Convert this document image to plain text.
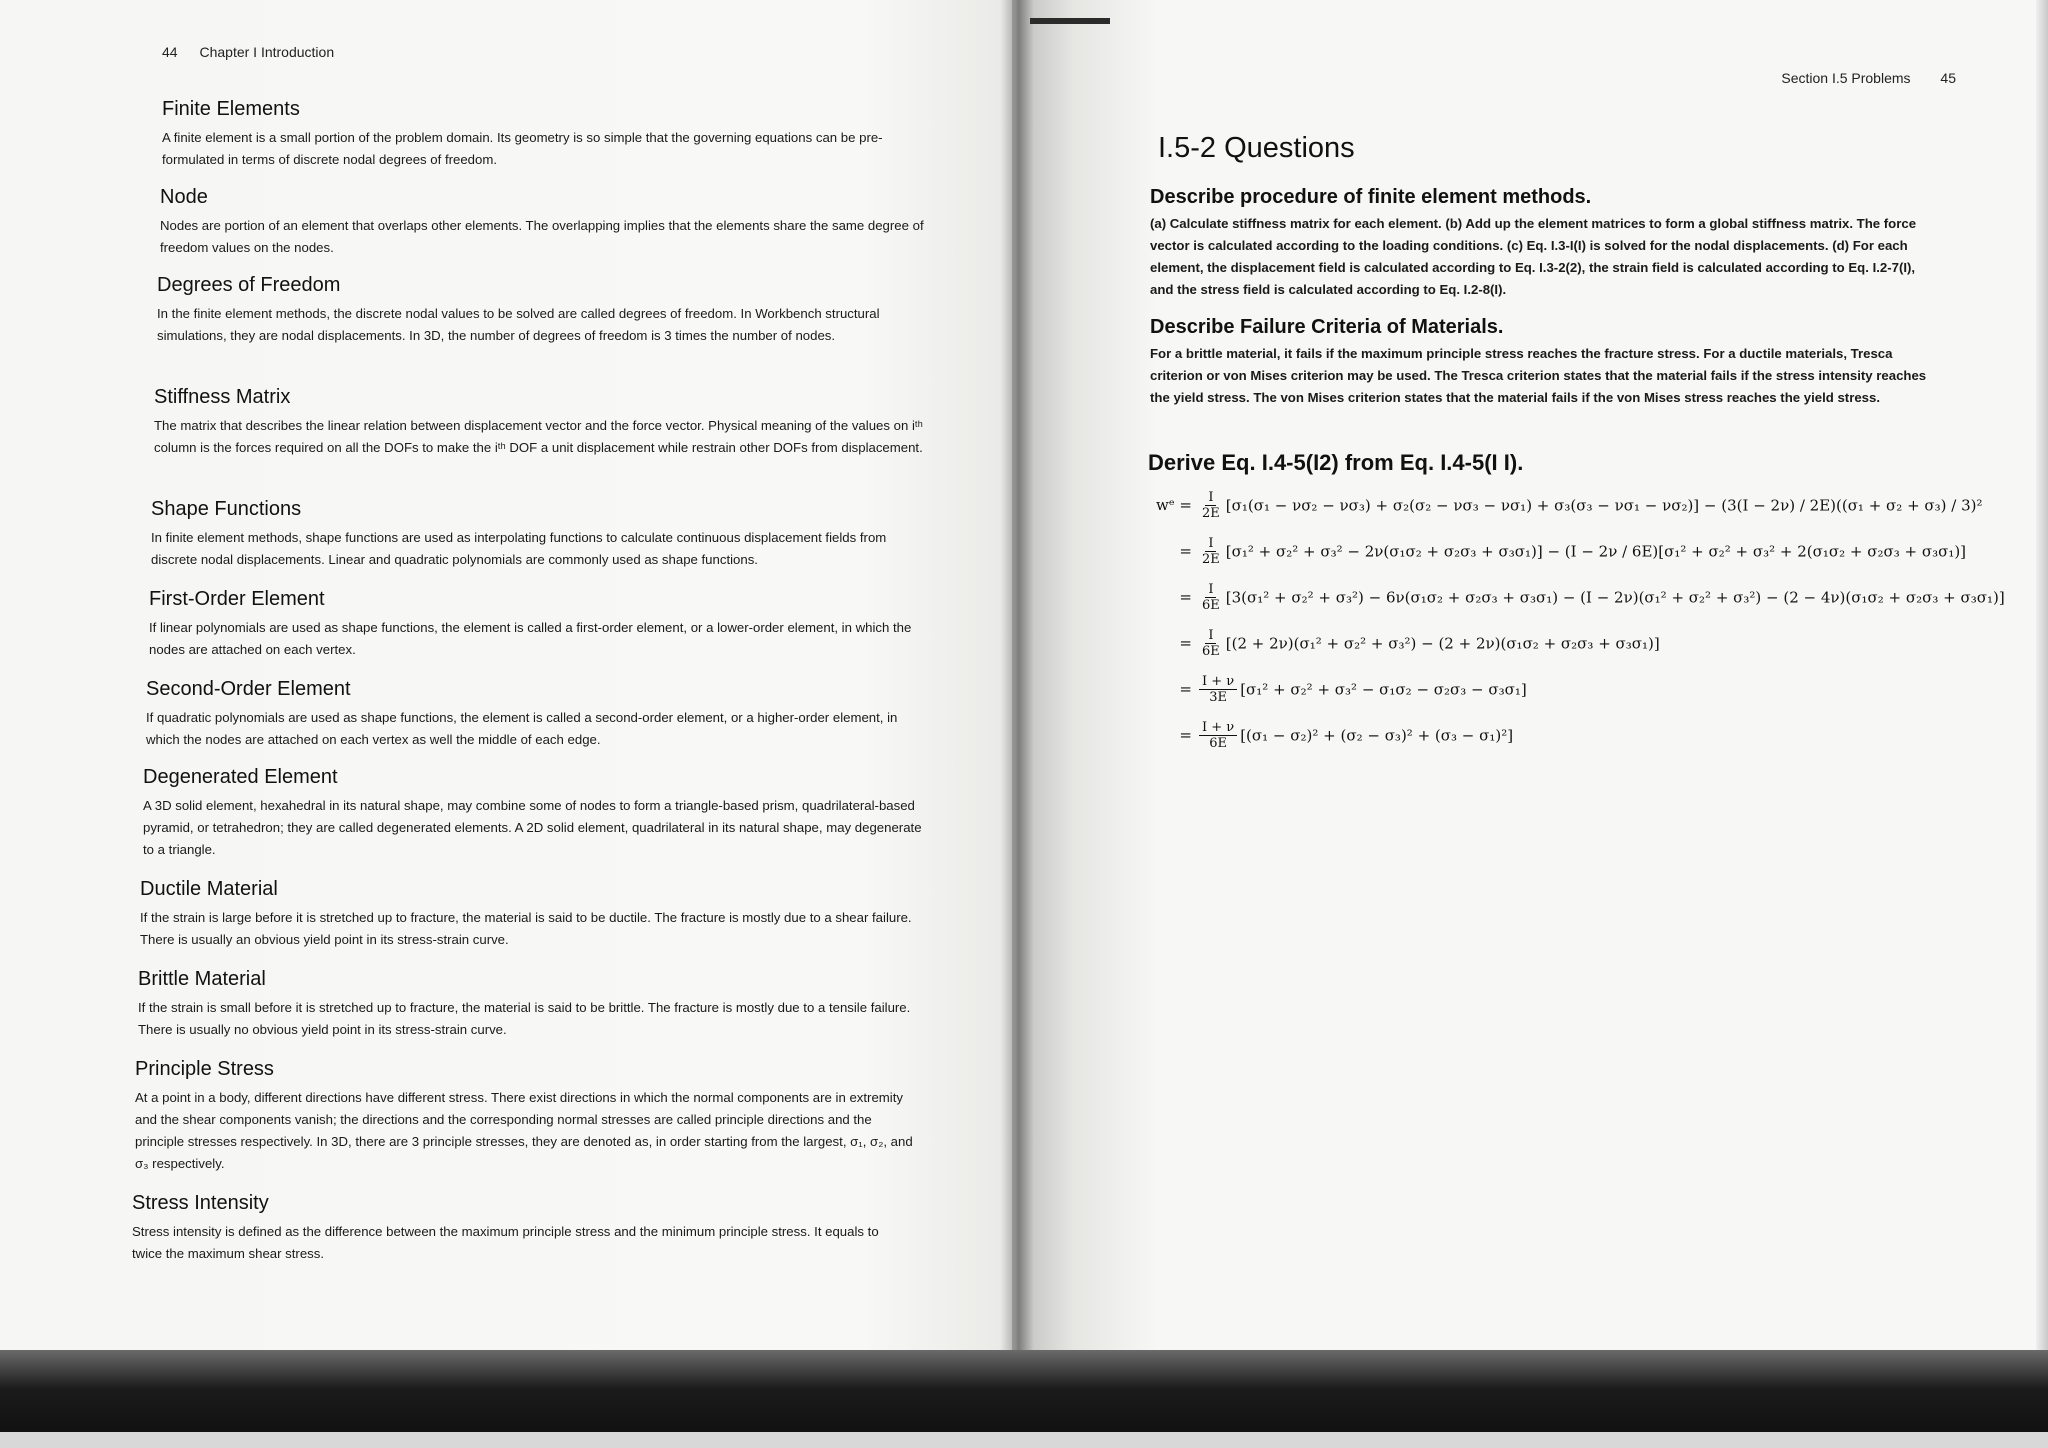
44 Chapter I Introduction
Finite Elements

A finite element is a small portion of the problem domain. Its geometry is so simple that the governing equations can be pre-formulated in terms of discrete nodal degrees of freedom.

Node

Nodes are portion of an element that overlaps other elements. The overlapping implies that the elements share the same degree of freedom values on the nodes.

Degrees of Freedom

In the finite element methods, the discrete nodal values to be solved are called degrees of freedom. In Workbench structural simulations, they are nodal displacements. In 3D, the number of degrees of freedom is 3 times the number of nodes.

Stiffness Matrix

The matrix that describes the linear relation between displacement vector and the force vector. Physical meaning of the values on iᵗʰ column is the forces required on all the DOFs to make the iᵗʰ DOF a unit displacement while restrain other DOFs from displacement.

Shape Functions

In finite element methods, shape functions are used as interpolating functions to calculate continuous displacement fields from discrete nodal displacements. Linear and quadratic polynomials are commonly used as shape functions.

First-Order Element

If linear polynomials are used as shape functions, the element is called a first-order element, or a lower-order element, in which the nodes are attached on each vertex.

Second-Order Element

If quadratic polynomials are used as shape functions, the element is called a second-order element, or a higher-order element, in which the nodes are attached on each vertex as well the middle of each edge.

Degenerated Element

A 3D solid element, hexahedral in its natural shape, may combine some of nodes to form a triangle-based prism, quadrilateral-based pyramid, or tetrahedron; they are called degenerated elements. A 2D solid element, quadrilateral in its natural shape, may degenerate to a triangle.

Ductile Material

If the strain is large before it is stretched up to fracture, the material is said to be ductile. The fracture is mostly due to a shear failure. There is usually an obvious yield point in its stress-strain curve.

Brittle Material

If the strain is small before it is stretched up to fracture, the material is said to be brittle. The fracture is mostly due to a tensile failure. There is usually no obvious yield point in its stress-strain curve.

Principle Stress

At a point in a body, different directions have different stress. There exist directions in which the normal components are in extremity and the shear components vanish; the directions and the corresponding normal stresses are called principle directions and the principle stresses respectively. In 3D, there are 3 principle stresses, they are denoted as, in order starting from the largest, σ₁, σ₂, and σ₃ respectively.

Stress Intensity

Stress intensity is defined as the difference between the maximum principle stress and the minimum principle stress. It equals to twice the maximum shear stress.

Section I.5 Problems 45
I.5-2 Questions
Describe procedure of finite element methods.

(a) Calculate stiffness matrix for each element. (b) Add up the element matrices to form a global stiffness matrix. The force vector is calculated according to the loading conditions. (c) Eq. I.3-I(I) is solved for the nodal displacements. (d) For each element, the displacement field is calculated according to Eq. I.3-2(2), the strain field is calculated according to Eq. I.2-7(I), and the stress field is calculated according to Eq. I.2-8(I).

Describe Failure Criteria of Materials.

For a brittle material, it fails if the maximum principle stress reaches the fracture stress. For a ductile materials, Tresca criterion or von Mises criterion may be used. The Tresca criterion states that the material fails if the stress intensity reaches the yield stress. The von Mises criterion states that the material fails if the von Mises stress reaches the yield stress.

Derive Eq. I.4-5(I2) from Eq. I.4-5(I I).
wᵉ = $\frac{I}{2E} [\sigma_1(\sigma_1 - \nu\sigma_2 - \nu\sigma_3) + \sigma_2(\sigma_2 - \nu\sigma_3 - \nu\sigma_1) + \sigma_3(\sigma_3 - \nu\sigma_1 - \nu\sigma_2)] - (3(I - 2\nu) / 2E)((\sigma_1 + \sigma_2 + \sigma_3) / 3)^2$
= $\frac{I}{2E} [\sigma_1^2 + \sigma_2^2 + \sigma_3^2 - 2\nu(\sigma_1\sigma_2 + \sigma_2\sigma_3 + \sigma_3\sigma_1)] - (I - 2\nu / 6E)[\sigma_1^2 + \sigma_2^2 + \sigma_3^2 + 2(\sigma_1\sigma_2 + \sigma_2\sigma_3 + \sigma_3\sigma_1)]$
= $\frac{I}{6E} [3(\sigma_1^2 + \sigma_2^2 + \sigma_3^2) - 6\nu(\sigma_1\sigma_2 + \sigma_2\sigma_3 + \sigma_3\sigma_1) - (I - 2\nu)(\sigma_1^2 + \sigma_2^2 + \sigma_3^2) - (2 - 4\nu)(\sigma_1\sigma_2 + \sigma_2\sigma_3 + \sigma_3\sigma_1)]$
= $\frac{I}{6E} [(2 + 2\nu)(\sigma_1^2 + \sigma_2^2 + \sigma_3^2) - (2 + 2\nu)(\sigma_1\sigma_2 + \sigma_2\sigma_3 + \sigma_3\sigma_1)]$
= $\frac{I + \nu}{3E} [\sigma_1^2 + \sigma_2^2 + \sigma_3^2 - \sigma_1\sigma_2 - \sigma_2\sigma_3 - \sigma_3\sigma_1]$
= $\frac{I + \nu}{6E} [(\sigma_1 - \sigma_2)^2 + (\sigma_2 - \sigma_3)^2 + (\sigma_3 - \sigma_1)^2]$
